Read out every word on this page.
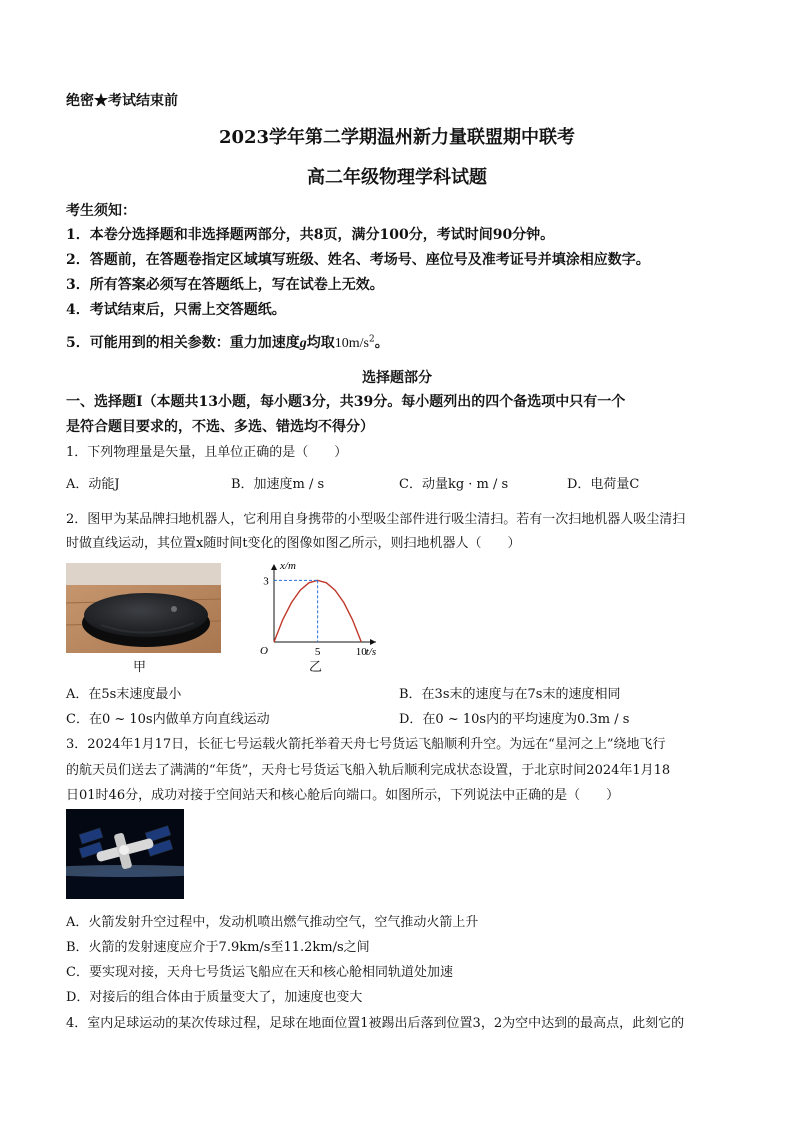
绝密★考试结束前
2023学年第二学期温州新力量联盟期中联考
高二年级物理学科试题
考生须知：
1．本卷分选择题和非选择题两部分，共8页，满分100分，考试时间90分钟。
2．答题前，在答题卷指定区域填写班级、姓名、考场号、座位号及准考证号并填涂相应数字。
3．所有答案必须写在答题纸上，写在试卷上无效。
4．考试结束后，只需上交答题纸。
5．可能用到的相关参数：重力加速度g均取$10m/s^2$。
选择题部分
一、选择题Ⅰ（本题共13小题，每小题3分，共39分。每小题列出的四个备选项中只有一个
是符合题目要求的，不选、多选、错选均不得分）
1．下列物理量是矢量，且单位正确的是（　　）
A．动能J	B．加速度m / s	C．动量kg · m / s	D．电荷量C
2．图甲为某品牌扫地机器人，它利用自身携带的小型吸尘部件进行吸尘清扫。若有一次扫地机器人吸尘清扫
时做直线运动，其位置x随时间t变化的图像如图乙所示，则扫地机器人（　　）
甲
x/m
t/s
O
3
5	10
乙
A．在5s末速度最小	B．在3s末的速度与在7s末的速度相同
C．在0 ~ 10s内做单方向直线运动	D．在0 ~ 10s内的平均速度为0.3m / s
3．2024年1月17日，长征七号运载火箭托举着天舟七号货运飞船顺利升空。为远在“星河之上”绕地飞行
的航天员们送去了满满的“年货”，天舟七号货运飞船入轨后顺利完成状态设置，于北京时间2024年1月18
日01时46分，成功对接于空间站天和核心舱后向端口。如图所示，下列说法中正确的是（　　）
A．火箭发射升空过程中，发动机喷出燃气推动空气，空气推动火箭上升
B．火箭的发射速度应介于7.9km/s至11.2km/s之间
C．要实现对接，天舟七号货运飞船应在天和核心舱相同轨道处加速
D．对接后的组合体由于质量变大了，加速度也变大
4．室内足球运动的某次传球过程，足球在地面位置1被踢出后落到位置3，2为空中达到的最高点，此刻它的
